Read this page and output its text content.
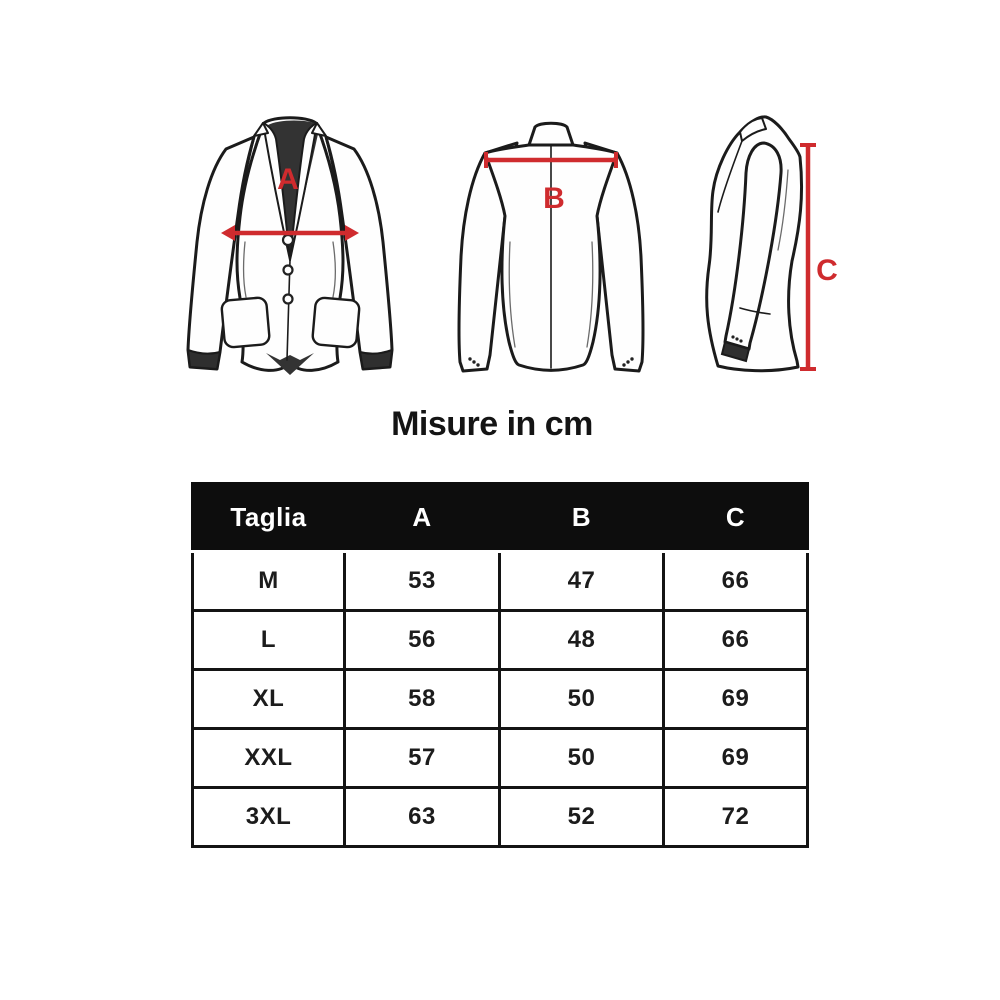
A
B
C
Misure in cm
Taglia	A	B	C
M	53	47	66
L	56	48	66
XL	58	50	69
XXL	57	50	69
3XL	63	52	72
